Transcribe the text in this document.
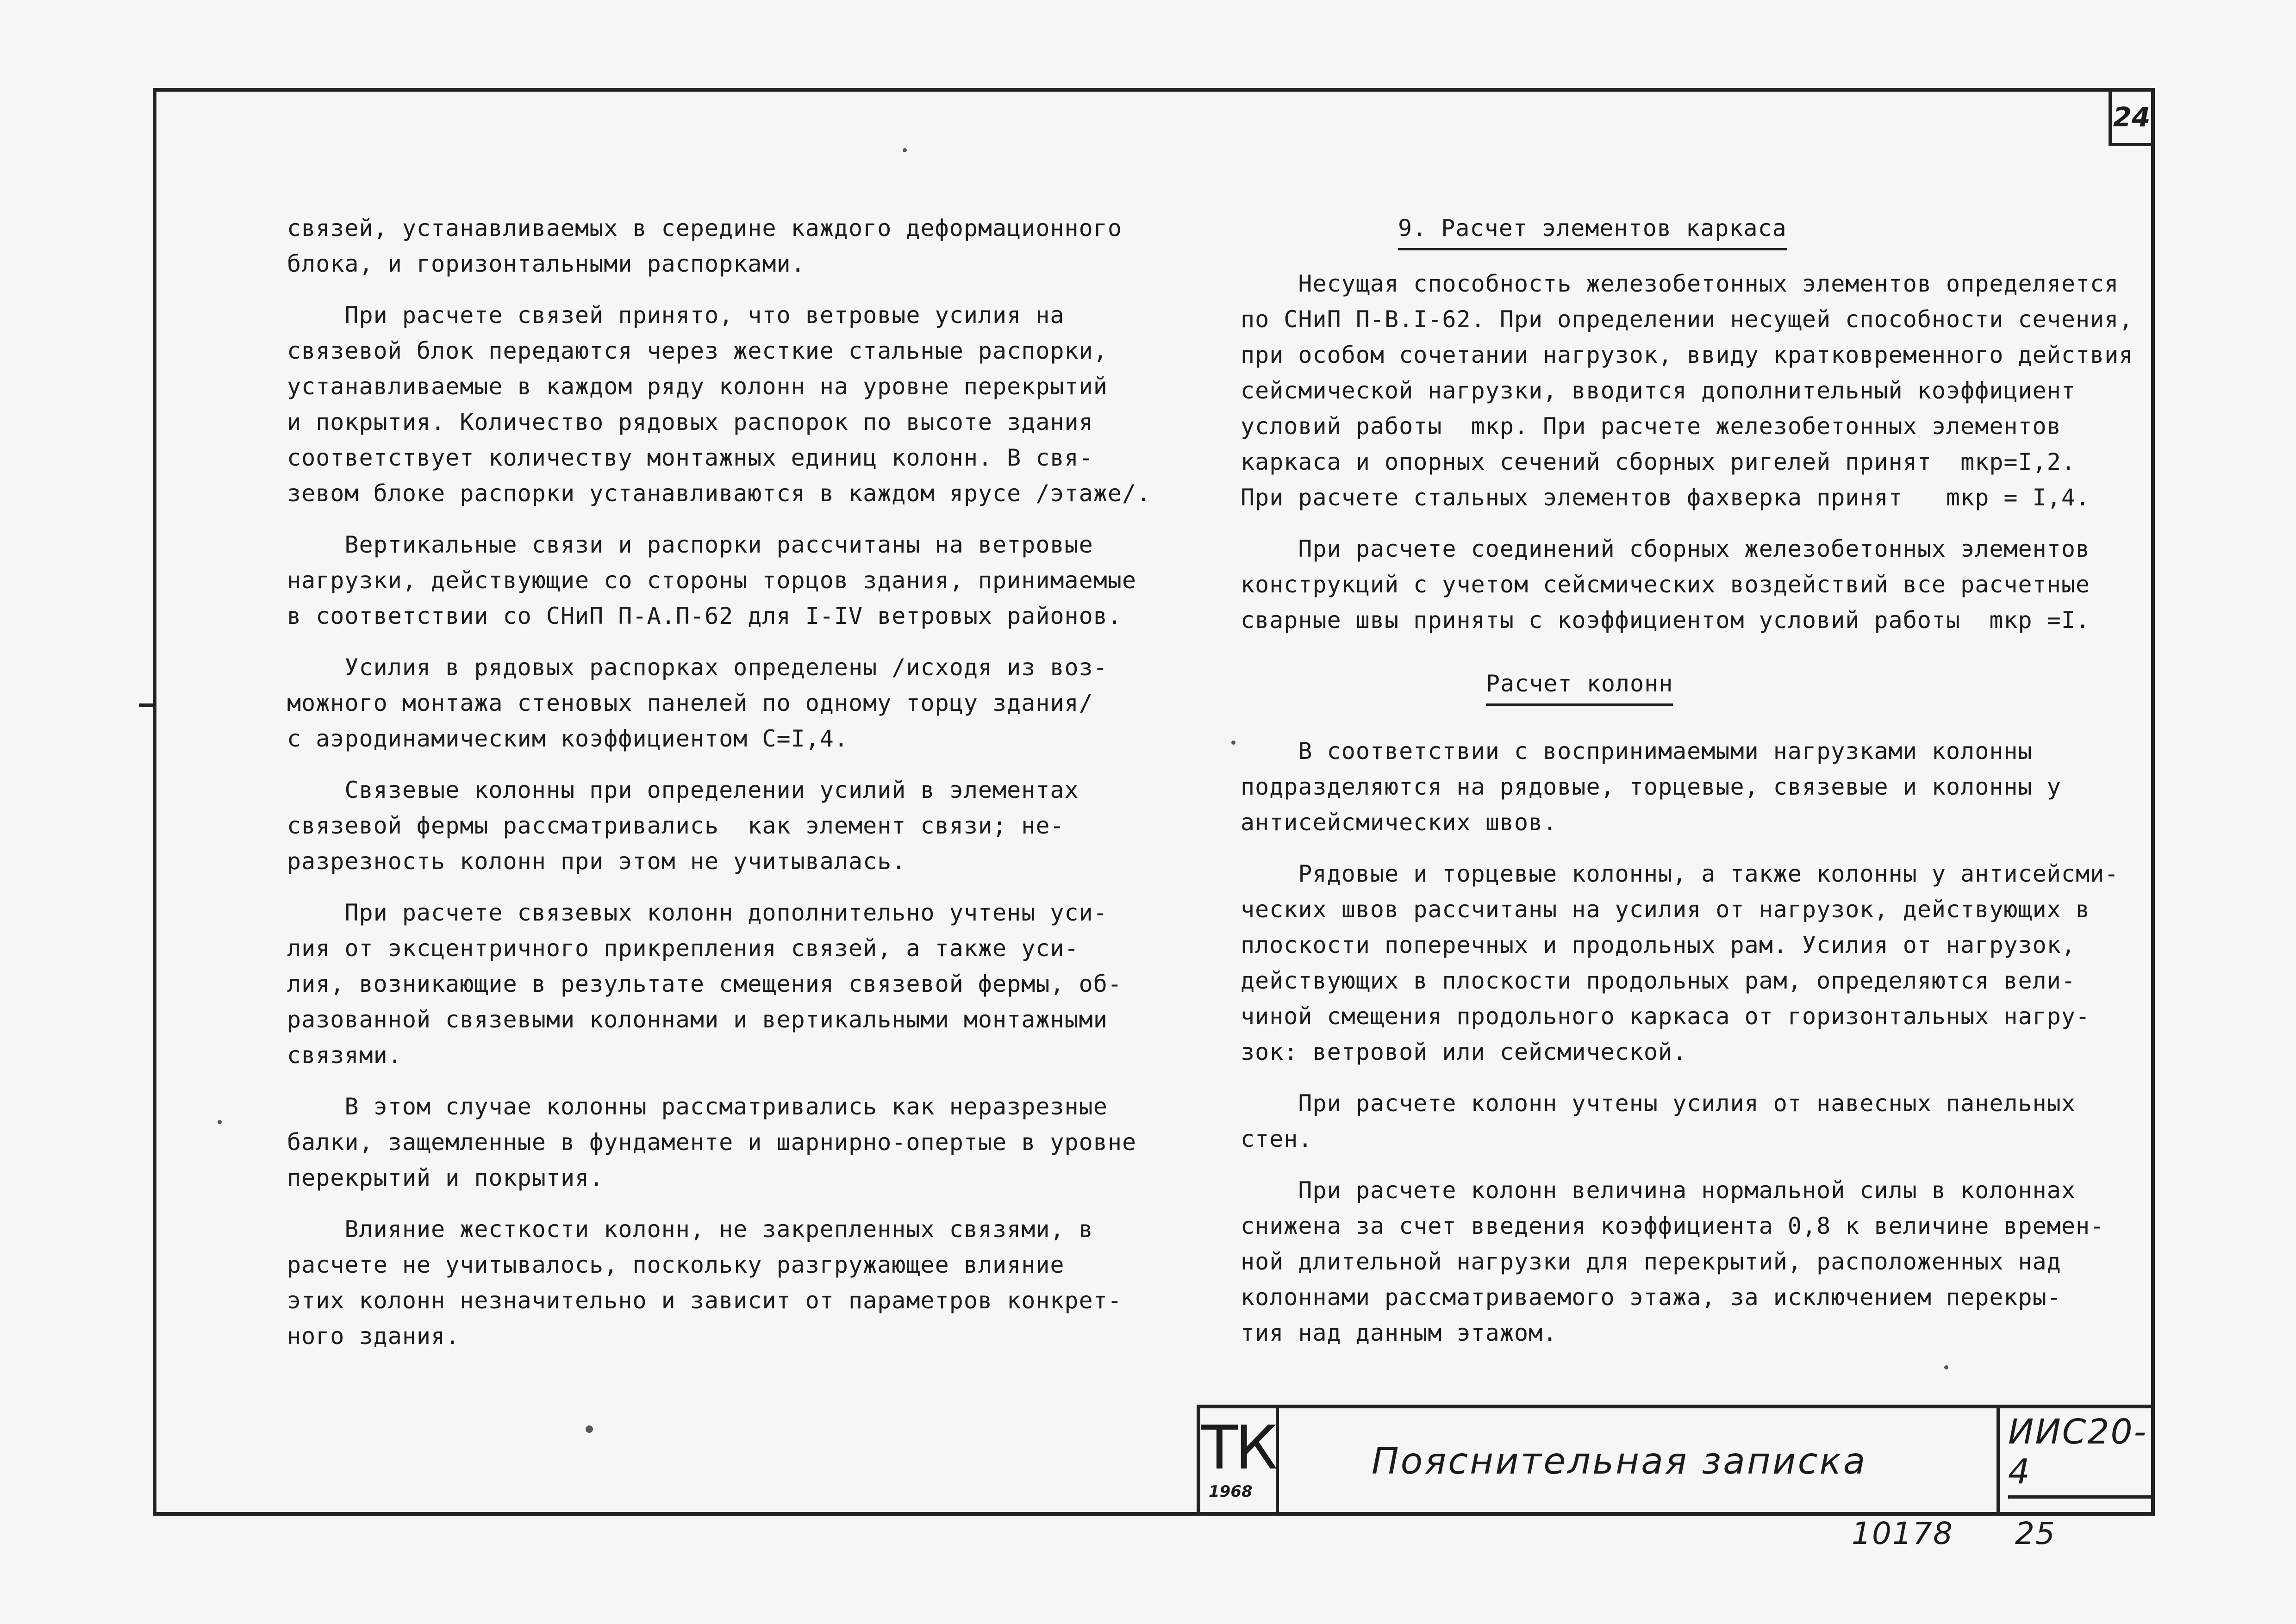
24

связей, устанавливаемых в середине каждого деформационного

блока, и горизонтальными распорками.

При расчете связей принято, что ветровые усилия на

связевой блок передаются через жесткие стальные распорки,

устанавливаемые в каждом ряду колонн на уровне перекрытий

и покрытия. Количество рядовых распорок по высоте здания

соответствует количеству монтажных единиц колонн. В свя-

зевом блоке распорки устанавливаются в каждом ярусе /этаже/.

Вертикальные связи и распорки рассчитаны на ветровые

нагрузки, действующие со стороны торцов здания, принимаемые

в соответствии со СНиП П-А.П-62 для I-IV ветровых районов.

Усилия в рядовых распорках определены /исходя из воз-

можного монтажа стеновых панелей по одному торцу здания/

с аэродинамическим коэффициентом С=I,4.

Связевые колонны при определении усилий в элементах

связевой фермы рассматривались  как элемент связи; не-

разрезность колонн при этом не учитывалась.

При расчете связевых колонн дополнительно учтены уси-

лия от эксцентричного прикрепления связей, а также уси-

лия, возникающие в результате смещения связевой фермы, об-

разованной связевыми колоннами и вертикальными монтажными

связями.

В этом случае колонны рассматривались как неразрезные

балки, защемленные в фундаменте и шарнирно-опертые в уровне

перекрытий и покрытия.

Влияние жесткости колонн, не закрепленных связями, в

расчете не учитывалось, поскольку разгружающее влияние

этих колонн незначительно и зависит от параметров конкрет-

ного здания.

9. Расчет элементов каркаса

Несущая способность железобетонных элементов определяется

по СНиП П-В.I-62. При определении несущей способности сечения,

при особом сочетании нагрузок, ввиду кратковременного действия

сейсмической нагрузки, вводится дополнительный коэффициент

условий работы  mкр. При расчете железобетонных элементов

каркаса и опорных сечений сборных ригелей принят  mкр=I,2.

При расчете стальных элементов фахверка принят   mкр = I,4.

При расчете соединений сборных железобетонных элементов

конструкций с учетом сейсмических воздействий все расчетные

сварные швы приняты с коэффициентом условий работы  mкр =I.

Расчет колонн

В соответствии с воспринимаемыми нагрузками колонны

подразделяются на рядовые, торцевые, связевые и колонны у

антисейсмических швов.

Рядовые и торцевые колонны, а также колонны у антисейсми-

ческих швов рассчитаны на усилия от нагрузок, действующих в

плоскости поперечных и продольных рам. Усилия от нагрузок,

действующих в плоскости продольных рам, определяются вели-

чиной смещения продольного каркаса от горизонтальных нагру-

зок: ветровой или сейсмической.

При расчете колонн учтены усилия от навесных панельных

стен.

При расчете колонн величина нормальной силы в колоннах

снижена за счет введения коэффициента 0,8 к величине времен-

ной длительной нагрузки для перекрытий, расположенных над

колоннами рассматриваемого этажа, за исключением перекры-

тия над данным этажом.

ТК
1968
Пояснительная записка
ИИС20-4
10178 25
